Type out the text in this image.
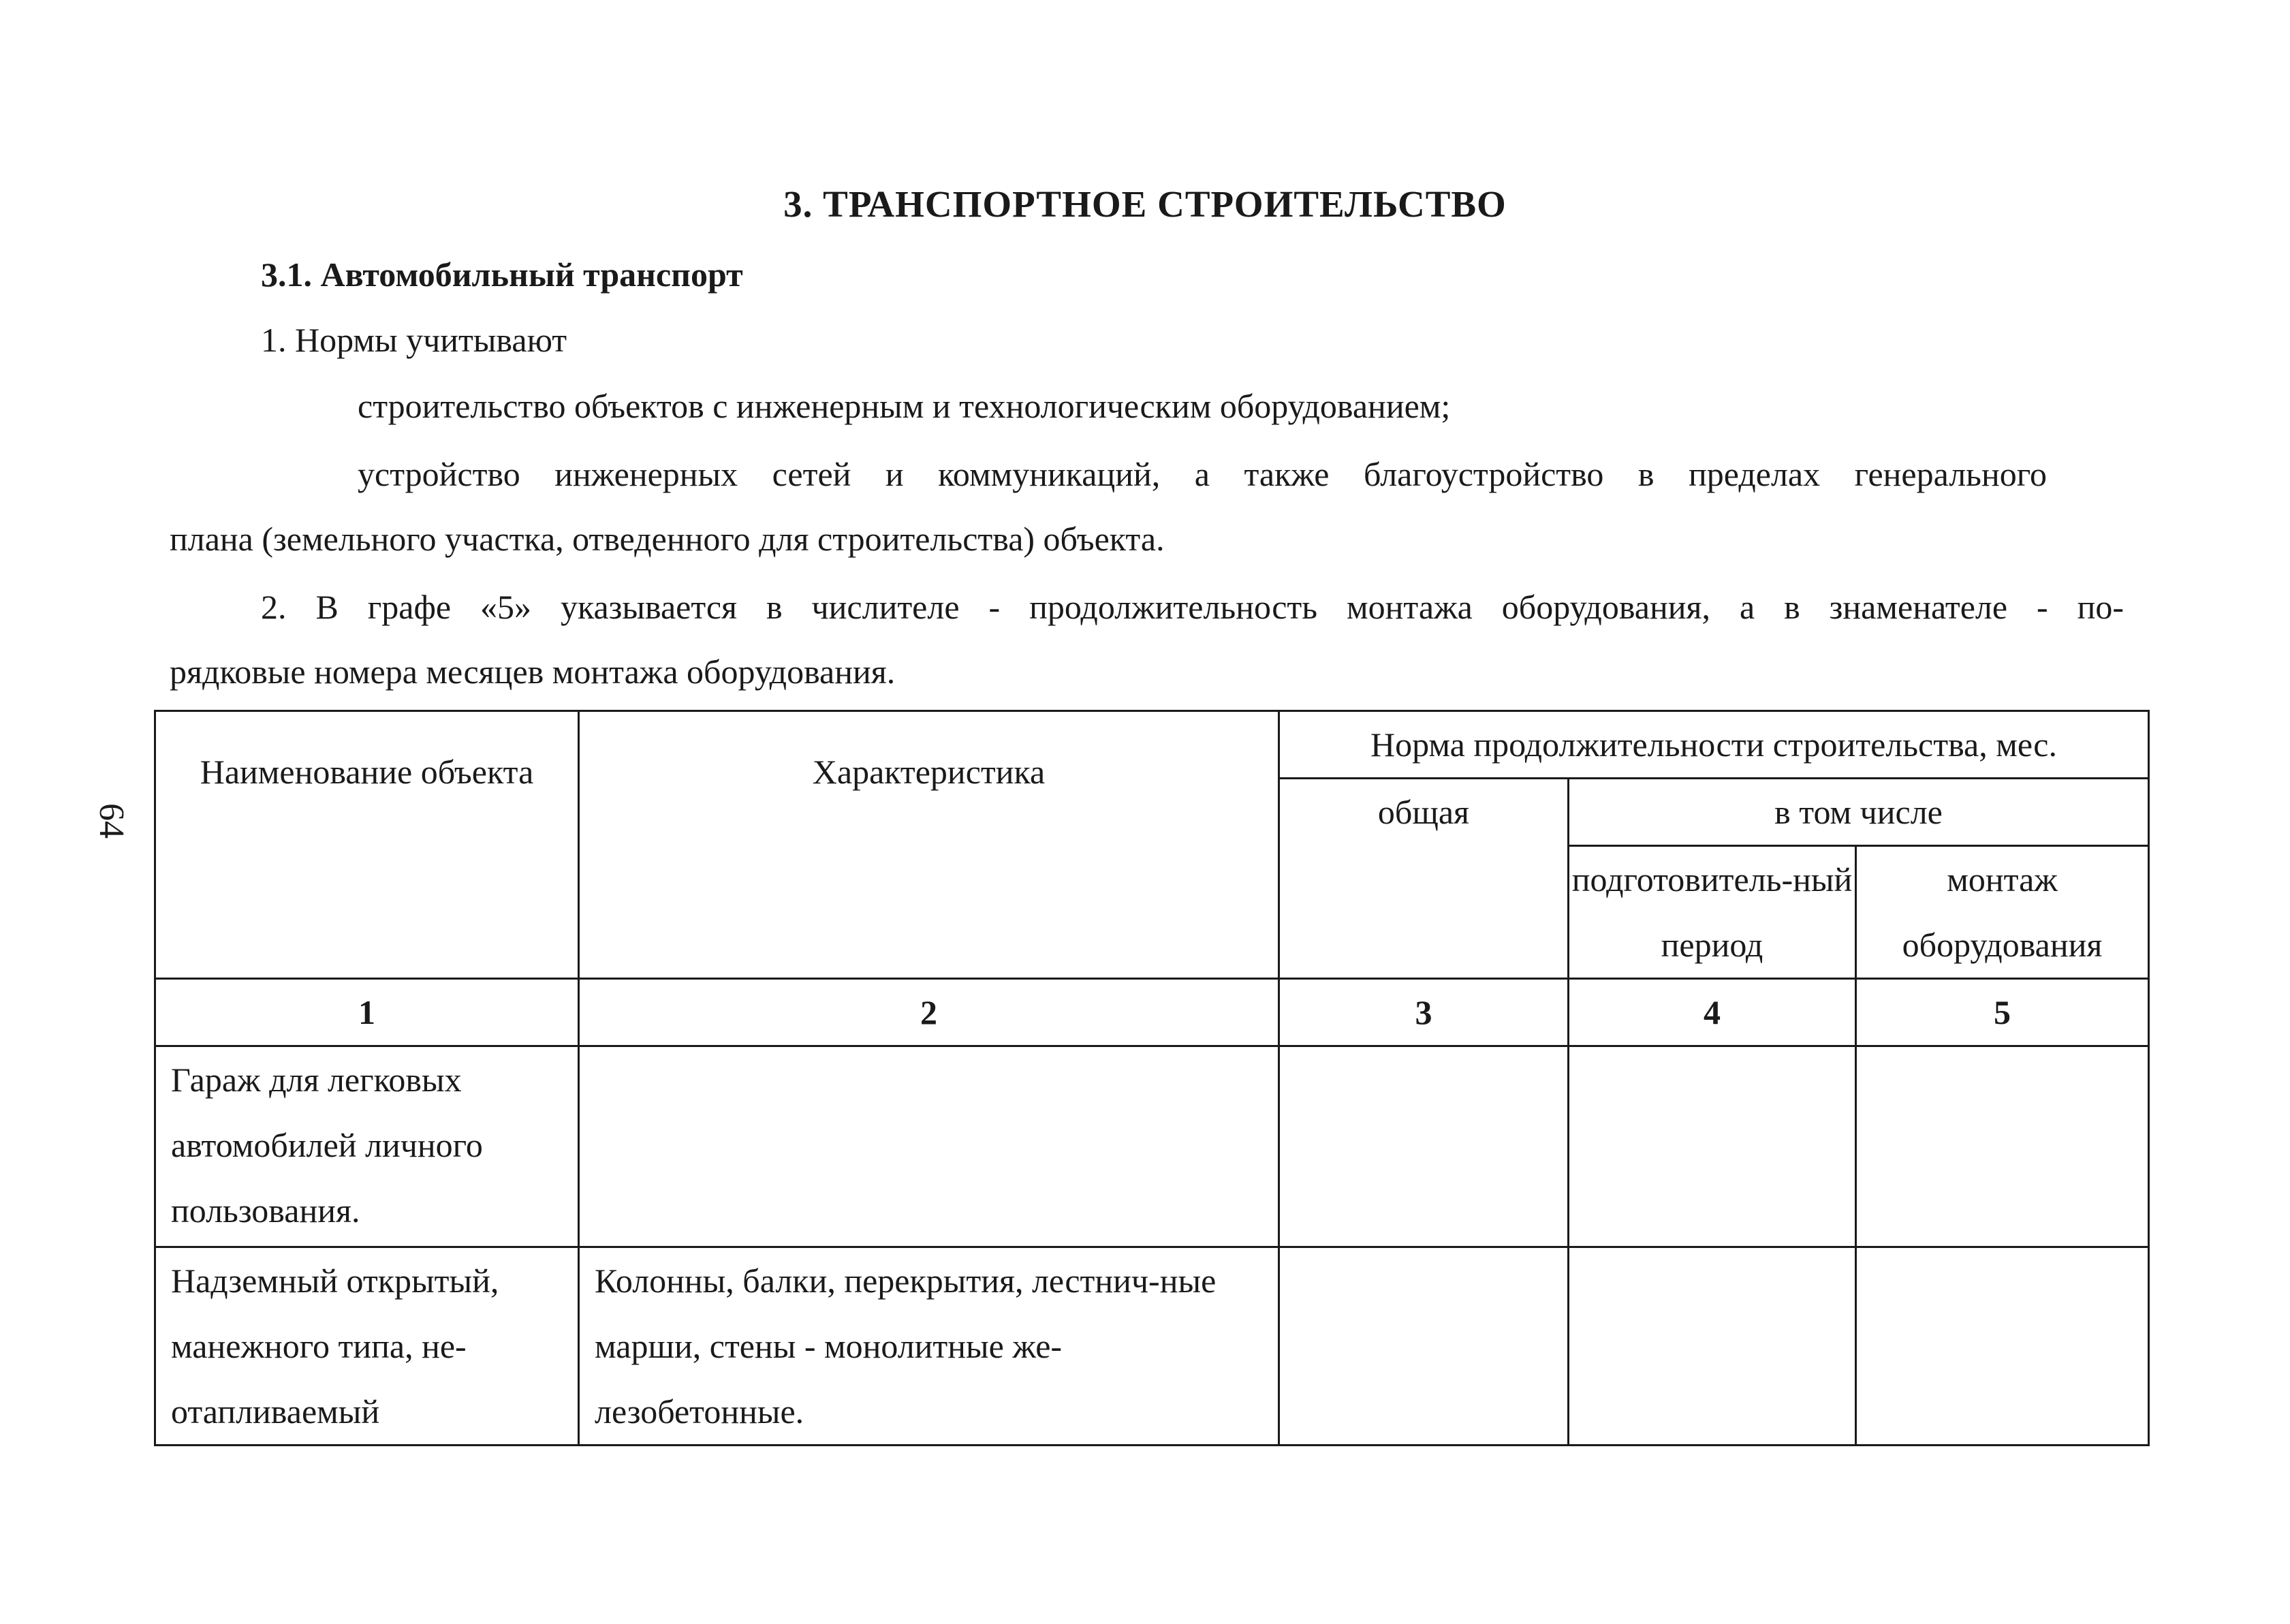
64
3. ТРАНСПОРТНОЕ СТРОИТЕЛЬСТВО
3.1. Автомобильный транспорт
1. Нормы учитывают
строительство объектов с инженерным и технологическим оборудованием;
устройство инженерных сетей и коммуникаций, а также благоустройство в пределах генерального
плана (земельного участка, отведенного для строительства) объекта.
2. В графе «5» указывается в числителе - продолжительность монтажа оборудования, а в знаменателе - по-
рядковые номера месяцев монтажа оборудования.
Наименование объекта	Характеристика	Норма продолжительности строительства, мес.		
		общая	в том числе	
			подготовитель-ный период	монтаж оборудования
1	2	3	4	5
Гараж для легковых автомобилей личного пользования.				
Надземный открытый, манежного типа, не-отапливаемый	Колонны, балки, перекрытия, лестнич-ные марши, стены - монолитные же-лезобетонные.			
